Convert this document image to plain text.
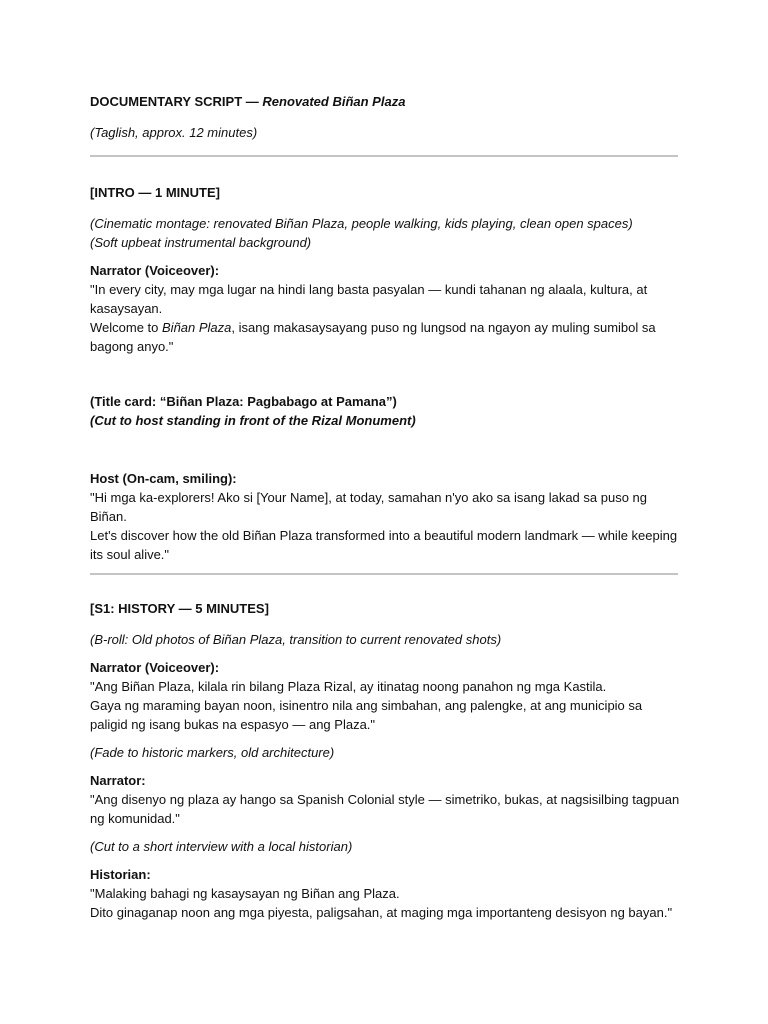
DOCUMENTARY SCRIPT — Renovated Biñan Plaza

(Taglish, approx. 12 minutes)

[INTRO — 1 MINUTE]

(Cinematic montage: renovated Biñan Plaza, people walking, kids playing, clean open spaces)

(Soft upbeat instrumental background)

Narrator (Voiceover):

"In every city, may mga lugar na hindi lang basta pasyalan — kundi tahanan ng alaala, kultura, at kasaysayan.

Welcome to Biñan Plaza, isang makasaysayang puso ng lungsod na ngayon ay muling sumibol sa bagong anyo."

(Title card: “Biñan Plaza: Pagbabago at Pamana”)

(Cut to host standing in front of the Rizal Monument)

Host (On-cam, smiling):

"Hi mga ka-explorers! Ako si [Your Name], at today, samahan n'yo ako sa isang lakad sa puso ng Biñan.

Let's discover how the old Biñan Plaza transformed into a beautiful modern landmark — while keeping its soul alive."

[S1: HISTORY — 5 MINUTES]

(B-roll: Old photos of Biñan Plaza, transition to current renovated shots)

Narrator (Voiceover):

"Ang Biñan Plaza, kilala rin bilang Plaza Rizal, ay itinatag noong panahon ng mga Kastila.

Gaya ng maraming bayan noon, isinentro nila ang simbahan, ang palengke, at ang municipio sa paligid ng isang bukas na espasyo — ang Plaza."

(Fade to historic markers, old architecture)

Narrator:

"Ang disenyo ng plaza ay hango sa Spanish Colonial style — simetriko, bukas, at nagsisilbing tagpuan ng komunidad."

(Cut to a short interview with a local historian)

Historian:

"Malaking bahagi ng kasaysayan ng Biñan ang Plaza.

Dito ginaganap noon ang mga piyesta, paligsahan, at maging mga importanteng desisyon ng bayan."
